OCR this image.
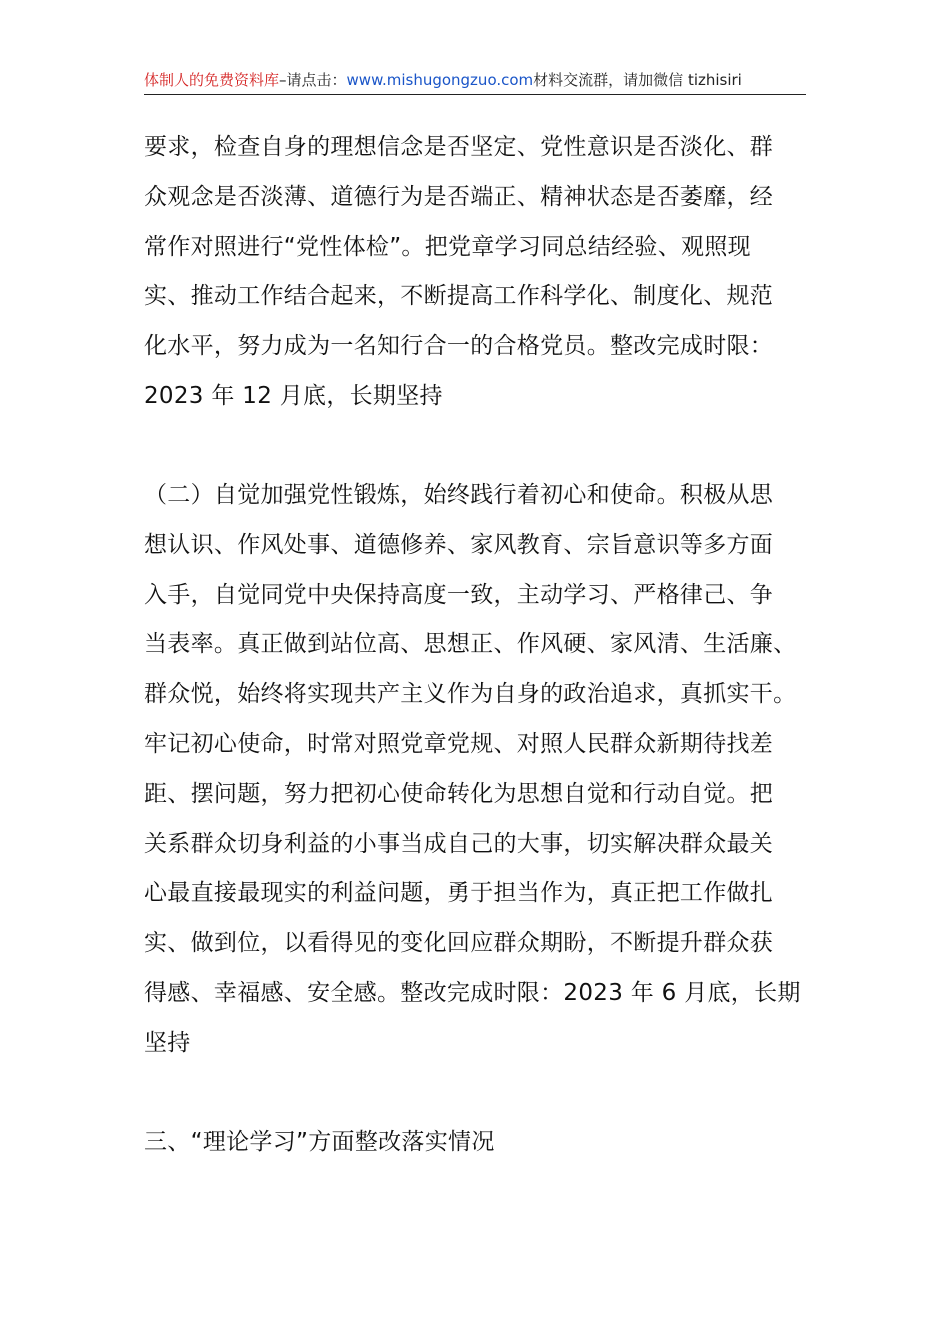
体制人的免费资料库–请点击：www.mishugongzuo.com材料交流群，请加微信 tizhisiri

要求，检查自身的理想信念是否坚定、党性意识是否淡化、群
众观念是否淡薄、道德行为是否端正、精神状态是否萎靡，经
常作对照进行“党性体检”。把党章学习同总结经验、观照现
实、推动工作结合起来，不断提高工作科学化、制度化、规范
化水平，努力成为一名知行合一的合格党员。整改完成时限：
2023 年 12 月底，长期坚持

（二）自觉加强党性锻炼，始终践行着初心和使命。积极从思
想认识、作风处事、道德修养、家风教育、宗旨意识等多方面
入手，自觉同党中央保持高度一致，主动学习、严格律己、争
当表率。真正做到站位高、思想正、作风硬、家风清、生活廉、
群众悦，始终将实现共产主义作为自身的政治追求，真抓实干。
牢记初心使命，时常对照党章党规、对照人民群众新期待找差
距、摆问题，努力把初心使命转化为思想自觉和行动自觉。把
关系群众切身利益的小事当成自己的大事，切实解决群众最关
心最直接最现实的利益问题，勇于担当作为，真正把工作做扎
实、做到位，以看得见的变化回应群众期盼，不断提升群众获
得感、幸福感、安全感。整改完成时限：2023 年 6 月底，长期
坚持

三、“理论学习”方面整改落实情况
